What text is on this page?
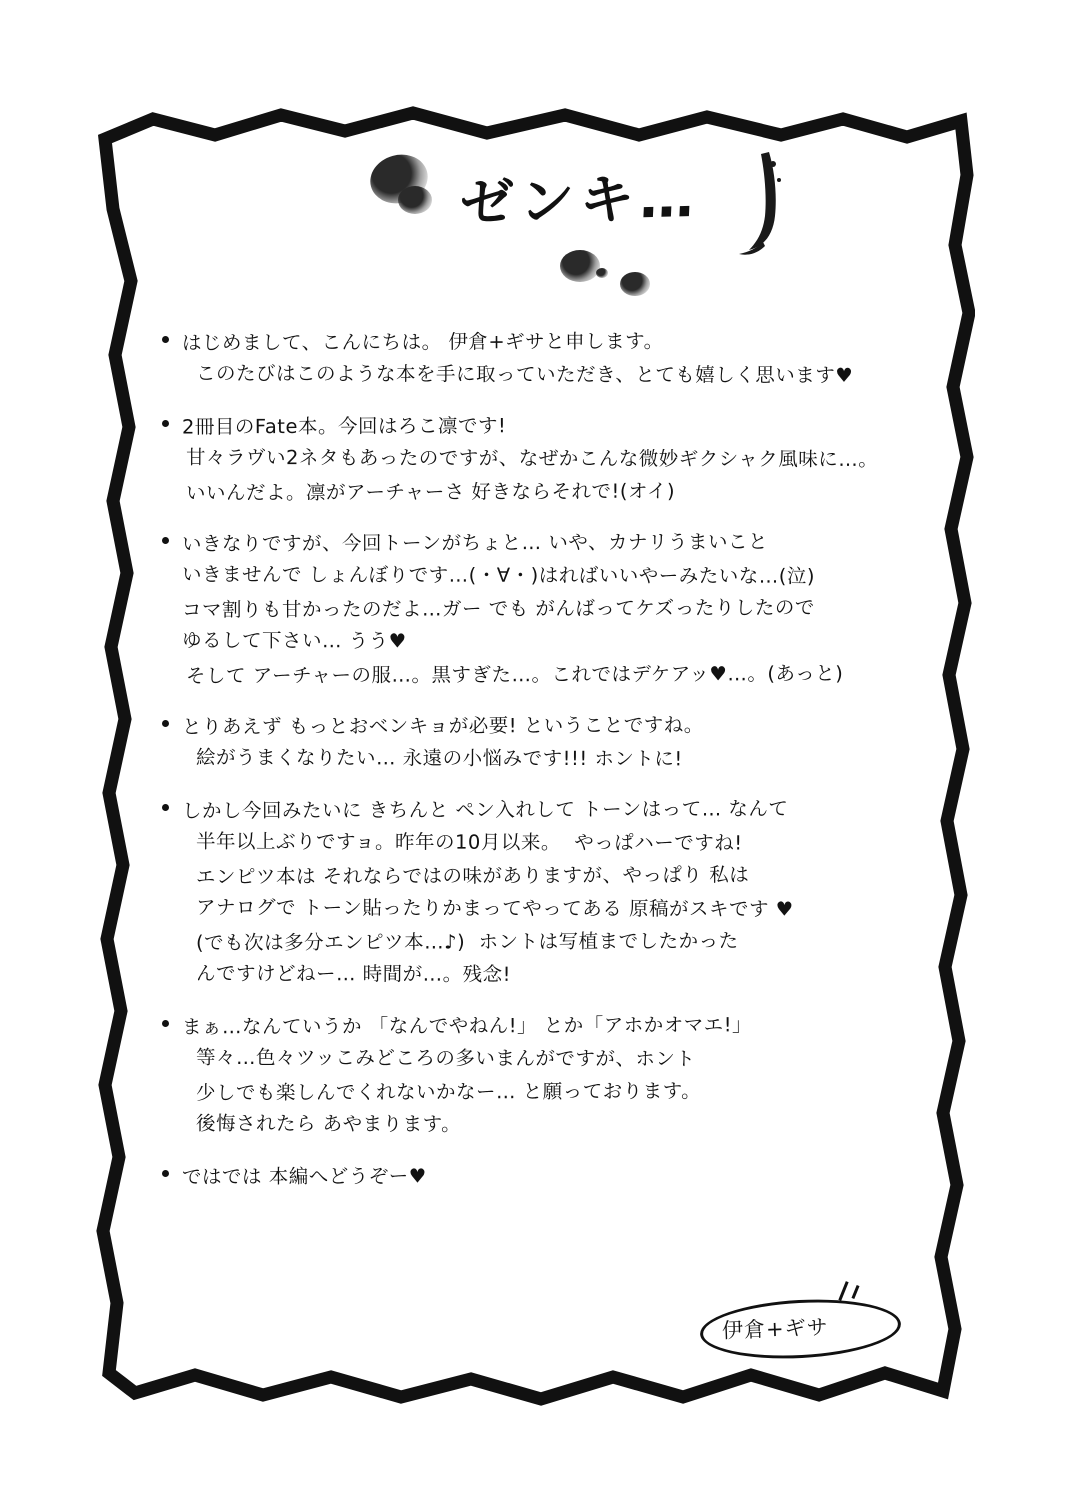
ゼンキ…
はじめまして、こんにちは。 伊倉+ギサと申します。
このたびはこのような本を手に取っていただき、とても嬉しく思います♥
2冊目のFate本。今回はろこ凛です!
甘々ラヴい2ネタもあったのですが、なぜかこんな微妙ギクシャク風味に…。
いいんだよ。凛がアーチャーさ 好きならそれで!(オイ)
いきなりですが、今回トーンがちょと… いや、カナリうまいこと
いきませんで しょんぼりです…(・∀・)はればいいやーみたいな…(泣)
コマ割りも甘かったのだよ…ガー でも がんばってケズったりしたので
ゆるして下さい… うう♥
そして アーチャーの服…。黒すぎた…。これではデケアッ♥…。(あっと)
とりあえず もっとおベンキョが必要! ということですね。
絵がうまくなりたい… 永遠の小悩みです!!! ホントに!
しかし今回みたいに きちんと ペン入れして トーンはって… なんて
半年以上ぶりですョ。昨年の10月以来。  やっぱハーですね!
エンピツ本は それならではの味がありますが、やっぱり 私は
アナログで トーン貼ったりかまってやってある 原稿がスキです ♥
(でも次は多分エンピツ本…♪)  ホントは写植までしたかった
んですけどねー… 時間が…。残念!
まぁ…なんていうか 「なんでやねん!」 とか「アホかオマエ!」
等々…色々ツッこみどころの多いまんがですが、ホント
少しでも楽しんでくれないかなー… と願っております。
後悔されたら あやまります。
ではでは 本編へどうぞー♥
伊倉+ギサ
